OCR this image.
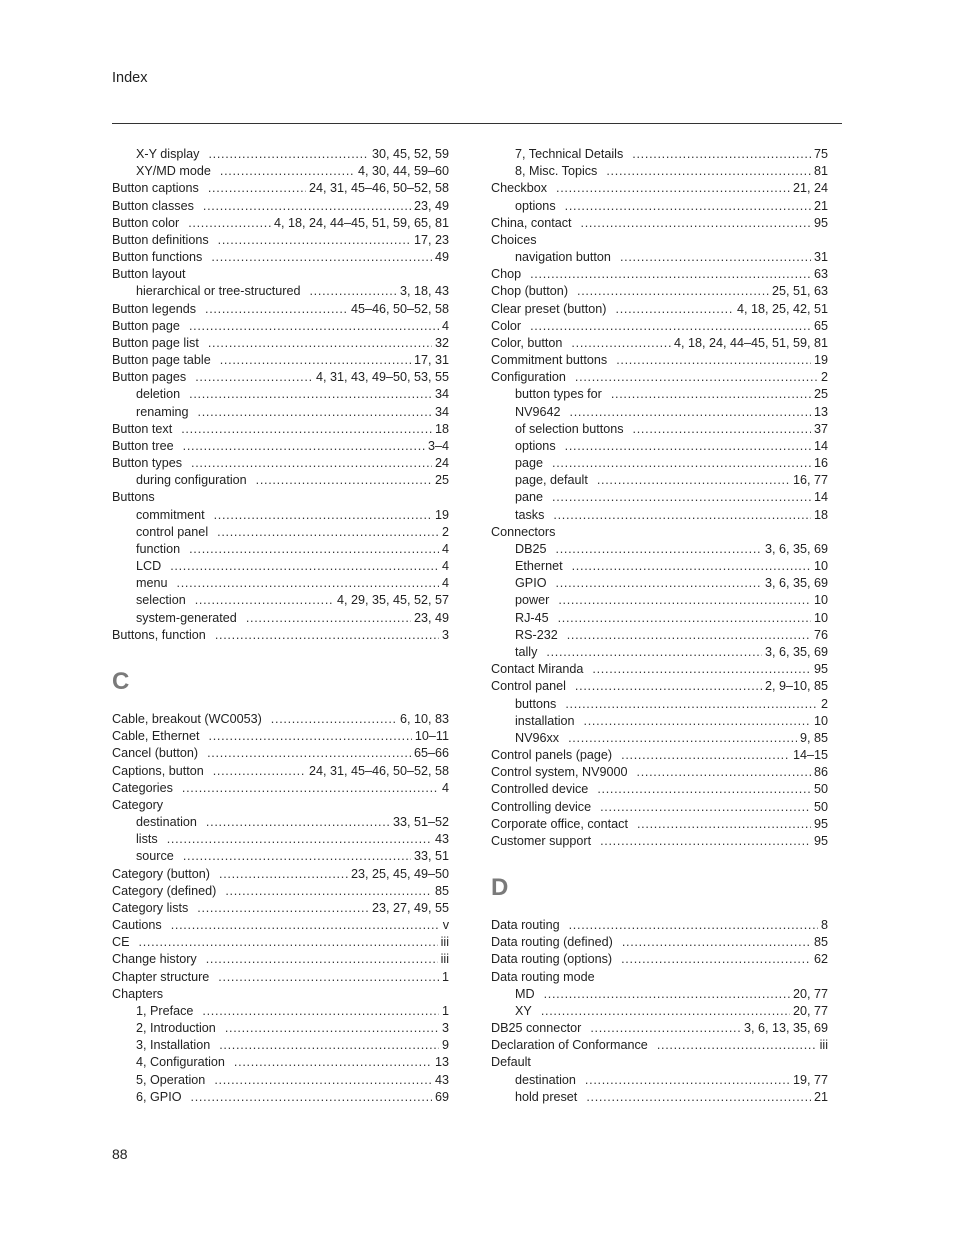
Index
X-Y display . . .	30, 45, 52, 59
XY/MD mode . . .	4, 30, 44, 59–60
Button captions . . .	24, 31, 45–46, 50–52, 58
Button classes . . .	23, 49
Button color . . .	4, 18, 24, 44–45, 51, 59, 65, 81
Button definitions . . .	17, 23
Button functions . . .	49
Button layout
hierarchical or tree-structured . . .	3, 18, 43
Button legends . . .	45–46, 50–52, 58
Button page . . .	4
Button page list . . .	32
Button page table . . .	17, 31
Button pages . . .	4, 31, 43, 49–50, 53, 55
deletion . . .	34
renaming . . .	34
Button text . . .	18
Button tree . . .	3–4
Button types . . .	24
during configuration . . .	25
Buttons
commitment . . .	19
control panel . . .	2
function . . .	4
LCD . . .	4
menu . . .	4
selection . . .	4, 29, 35, 45, 52, 57
system-generated . . .	23, 49
Buttons, function . . .	3
C
Cable, breakout (WC0053) . . .	6, 10, 83
Cable, Ethernet . . .	10–11
Cancel (button) . . .	65–66
Captions, button . . .	24, 31, 45–46, 50–52, 58
Categories . . .	4
Category
destination . . .	33, 51–52
lists . . .	43
source . . .	33, 51
Category (button) . . .	23, 25, 45, 49–50
Category (defined) . . .	85
Category lists . . .	23, 27, 49, 55
Cautions . . .	v
CE . . .	iii
Change history . . .	iii
Chapter structure . . .	1
Chapters
1, Preface . . .	1
2, Introduction . . .	3
3, Installation . . .	9
4, Configuration . . .	13
5, Operation . . .	43
6, GPIO . . .	69
7, Technical Details . . .	75
8, Misc. Topics . . .	81
Checkbox . . .	21, 24
options . . .	21
China, contact . . .	95
Choices
navigation button . . .	31
Chop . . .	63
Chop (button) . . .	25, 51, 63
Clear preset (button) . . .	4, 18, 25, 42, 51
Color . . .	65
Color, button . . .	4, 18, 24, 44–45, 51, 59, 81
Commitment buttons . . .	19
Configuration . . .	2
button types for . . .	25
NV9642 . . .	13
of selection buttons . . .	37
options . . .	14
page . . .	16
page, default . . .	16, 77
pane . . .	14
tasks . . .	18
Connectors
DB25 . . .	3, 6, 35, 69
Ethernet . . .	10
GPIO . . .	3, 6, 35, 69
power . . .	10
RJ-45 . . .	10
RS-232 . . .	76
tally . . .	3, 6, 35, 69
Contact Miranda . . .	95
Control panel . . .	2, 9–10, 85
buttons . . .	2
installation . . .	10
NV96xx . . .	9, 85
Control panels (page) . . .	14–15
Control system, NV9000 . . .	86
Controlled device . . .	50
Controlling device . . .	50
Corporate office, contact . . .	95
Customer support . . .	95
D
Data routing . . .	8
Data routing (defined) . . .	85
Data routing (options) . . .	62
Data routing mode
MD . . .	20, 77
XY . . .	20, 77
DB25 connector . . .	3, 6, 13, 35, 69
Declaration of Conformance . . .	iii
Default
destination . . .	19, 77
hold preset . . .	21
88
